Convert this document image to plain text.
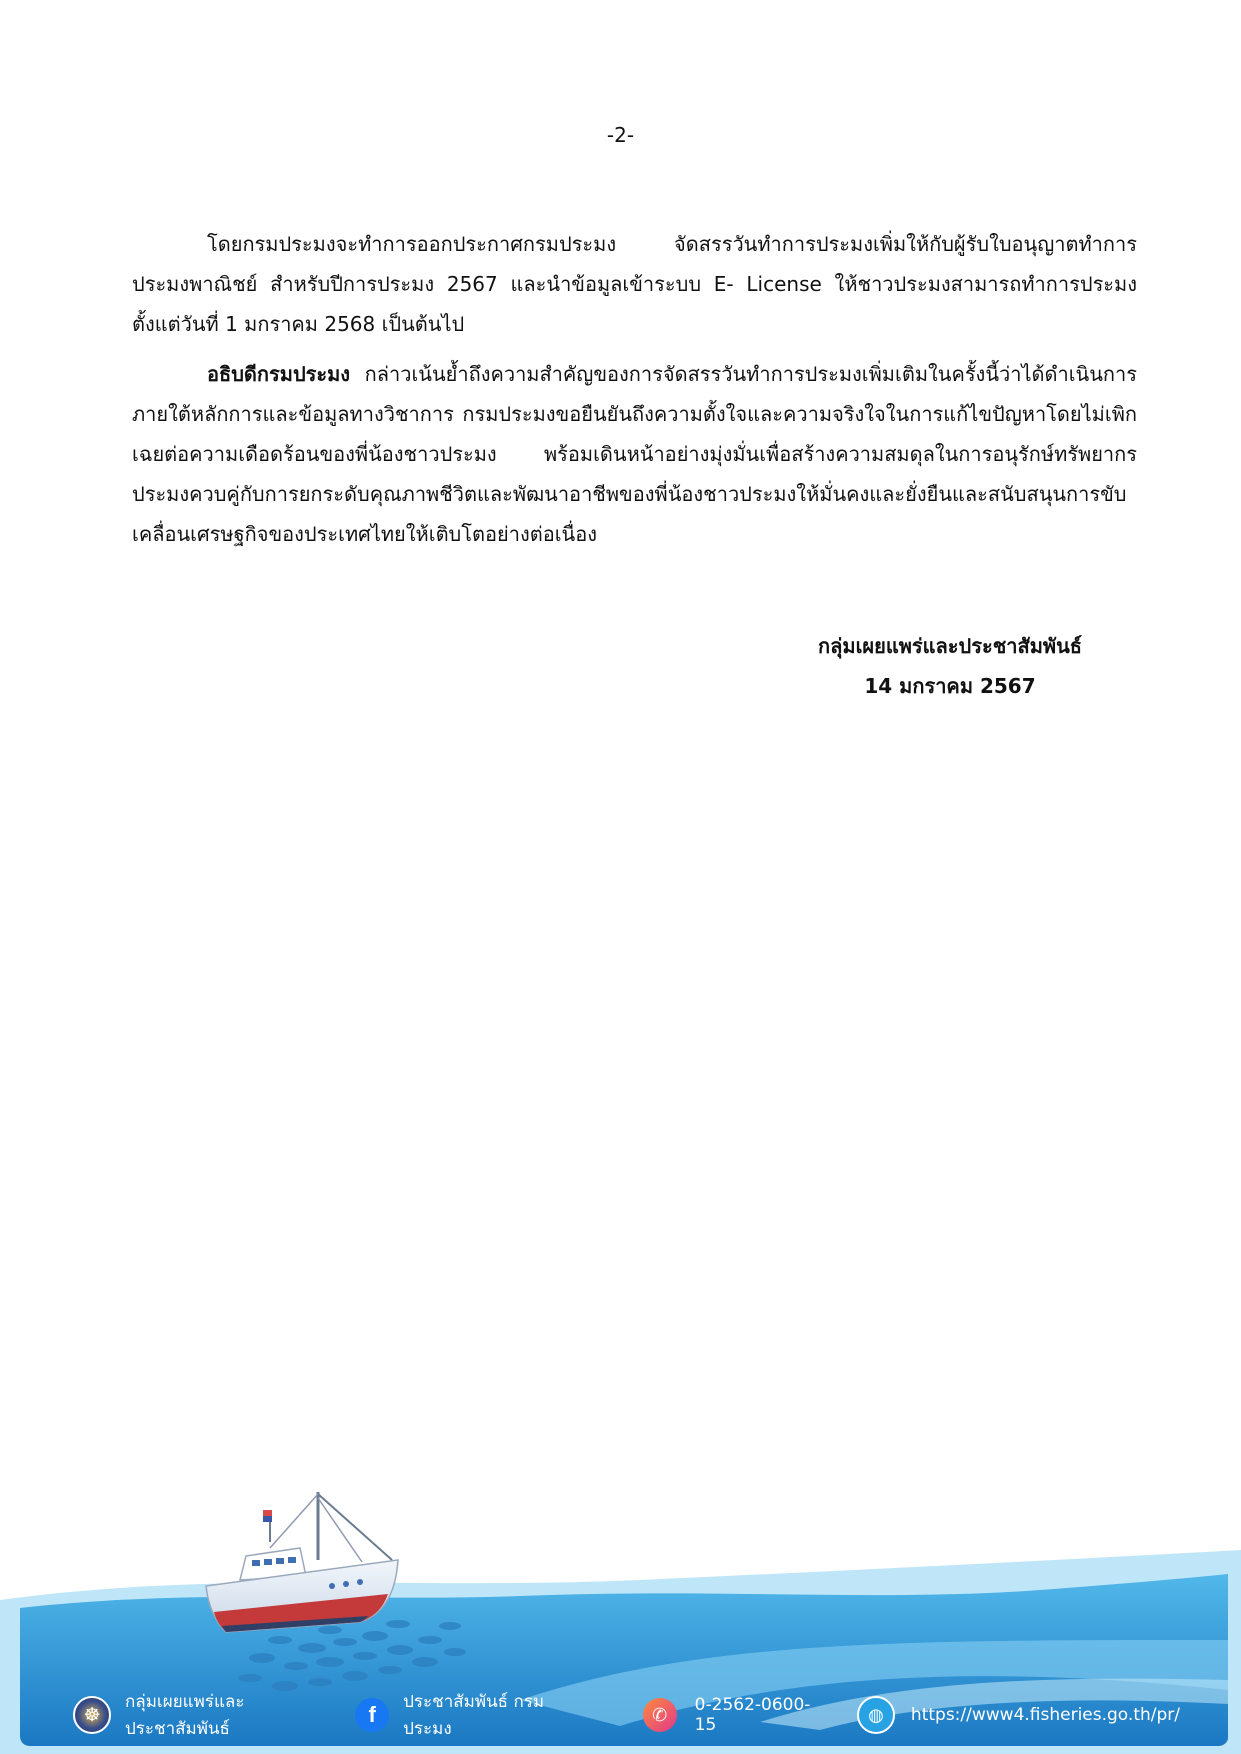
-2-

โดยกรมประมงจะทำการออกประกาศกรมประมง จัดสรรวันทำการประมงเพิ่มให้กับผู้รับใบอนุญาตทำการประมงพาณิชย์ สำหรับปีการประมง 2567 และนำข้อมูลเข้าระบบ E- License ให้ชาวประมงสามารถทำการประมงตั้งแต่วันที่ 1 มกราคม 2568 เป็นต้นไป

อธิบดีกรมประมง กล่าวเน้นย้ำถึงความสำคัญของการจัดสรรวันทำการประมงเพิ่มเติมในครั้งนี้ว่าได้ดำเนินการภายใต้หลักการและข้อมูลทางวิชาการ กรมประมงขอยืนยันถึงความตั้งใจและความจริงใจในการแก้ไขปัญหาโดยไม่เพิกเฉยต่อความเดือดร้อนของพี่น้องชาวประมง พร้อมเดินหน้าอย่างมุ่งมั่นเพื่อสร้างความสมดุลในการอนุรักษ์ทรัพยากรประมงควบคู่กับการยกระดับคุณภาพชีวิตและพัฒนาอาชีพของพี่น้องชาวประมงให้มั่นคงและยั่งยืนและสนับสนุนการขับเคลื่อนเศรษฐกิจของประเทศไทยให้เติบโตอย่างต่อเนื่อง

กลุ่มเผยแพร่และประชาสัมพันธ์
14 มกราคม 2567
☸
กลุ่มเผยแพร่และประชาสัมพันธ์
f	ประชาสัมพันธ์ กรมประมง
✆	0-2562-0600-15	◍	https://www4.fisheries.go.th/pr/
